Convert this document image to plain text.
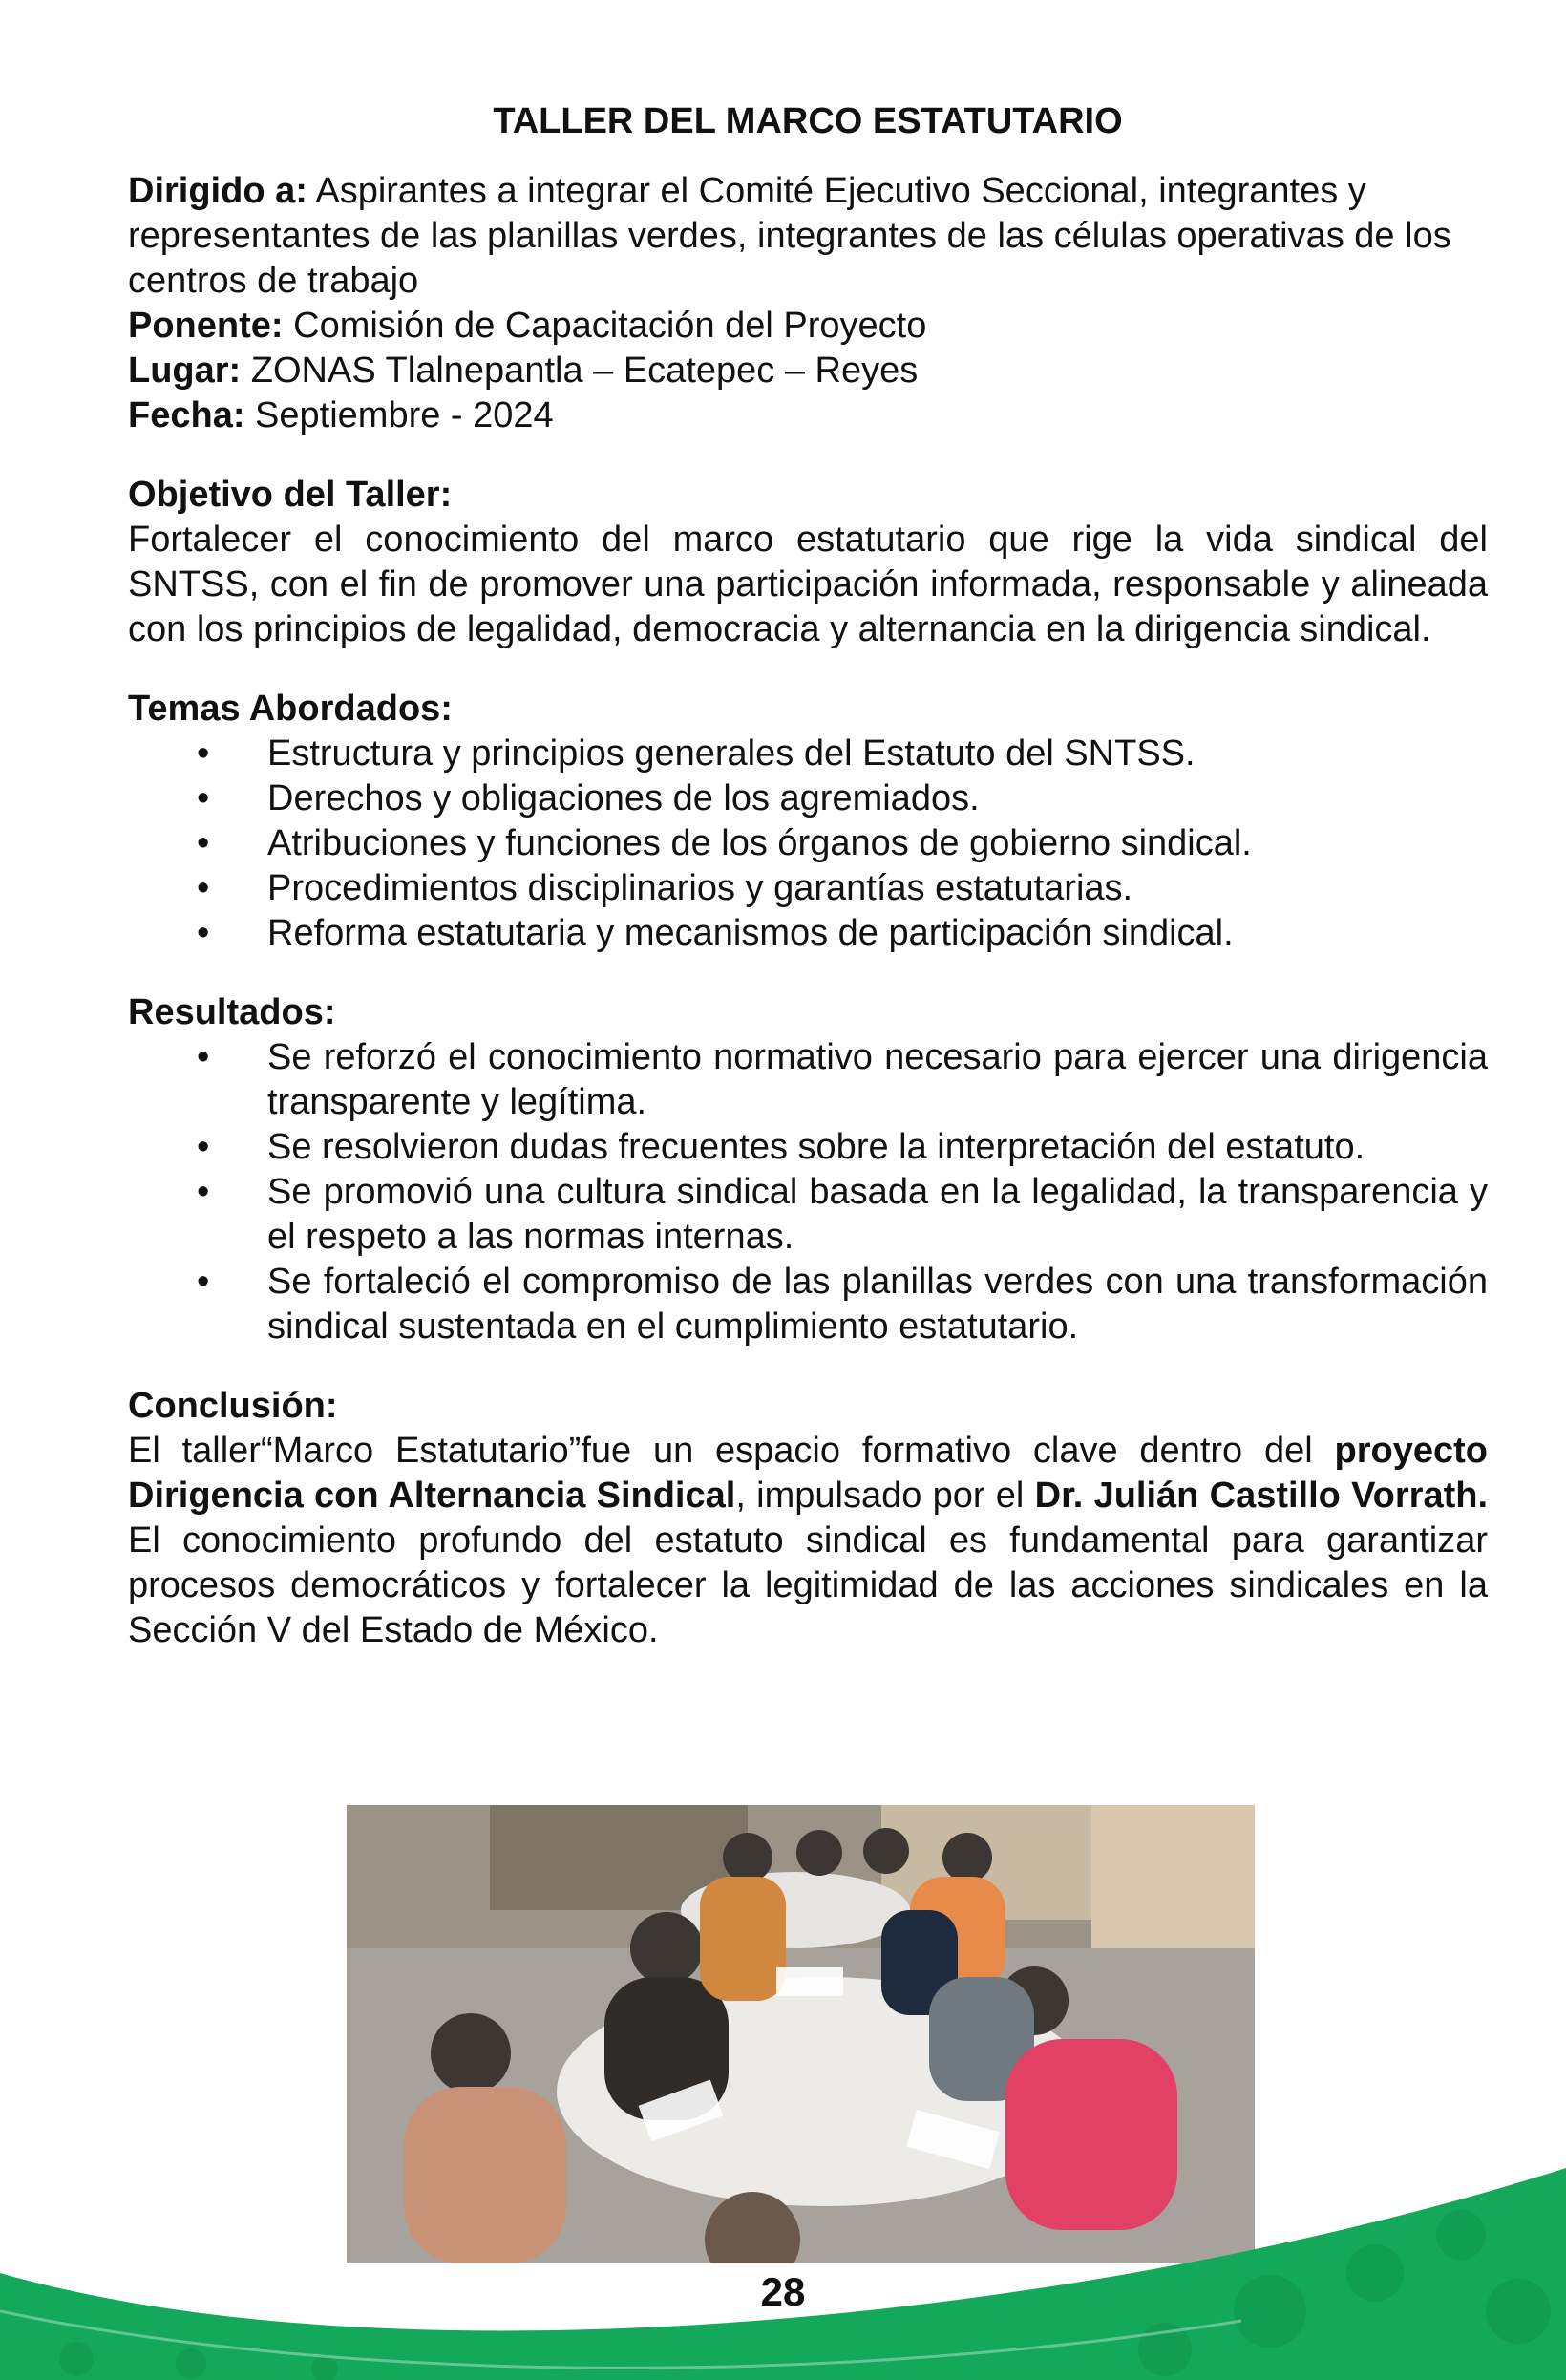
TALLER DEL MARCO ESTATUTARIO

Dirigido a: Aspirantes a integrar el Comité Ejecutivo Seccional, integrantes y representantes de las planillas verdes, integrantes de las células operativas de los centros de trabajo

Ponente: Comisión de Capacitación del Proyecto

Lugar: ZONAS Tlalnepantla – Ecatepec – Reyes

Fecha: Septiembre - 2024

Objetivo del Taller:

Fortalecer el conocimiento del marco estatutario que rige la vida sindical del SNTSS, con el fin de promover una participación informada, responsable y alineada con los principios de legalidad, democracia y alternancia en la dirigencia sindical.

Temas Abordados:

• Estructura y principios generales del Estatuto del SNTSS.
• Derechos y obligaciones de los agremiados.
• Atribuciones y funciones de los órganos de gobierno sindical.
• Procedimientos disciplinarios y garantías estatutarias.
• Reforma estatutaria y mecanismos de participación sindical.

Resultados:

• Se reforzó el conocimiento normativo necesario para ejercer una dirigencia transparente y legítima.
• Se resolvieron dudas frecuentes sobre la interpretación del estatuto.
• Se promovió una cultura sindical basada en la legalidad, la transparencia y el respeto a las normas internas.
• Se fortaleció el compromiso de las planillas verdes con una transformación sindical sustentada en el cumplimiento estatutario.

Conclusión:

El taller“Marco Estatutario”fue un espacio formativo clave dentro del proyecto Dirigencia con Alternancia Sindical, impulsado por el Dr. Julián Castillo Vorrath. El conocimiento profundo del estatuto sindical es fundamental para garantizar procesos democráticos y fortalecer la legitimidad de las acciones sindicales en la Sección V del Estado de México.

28
